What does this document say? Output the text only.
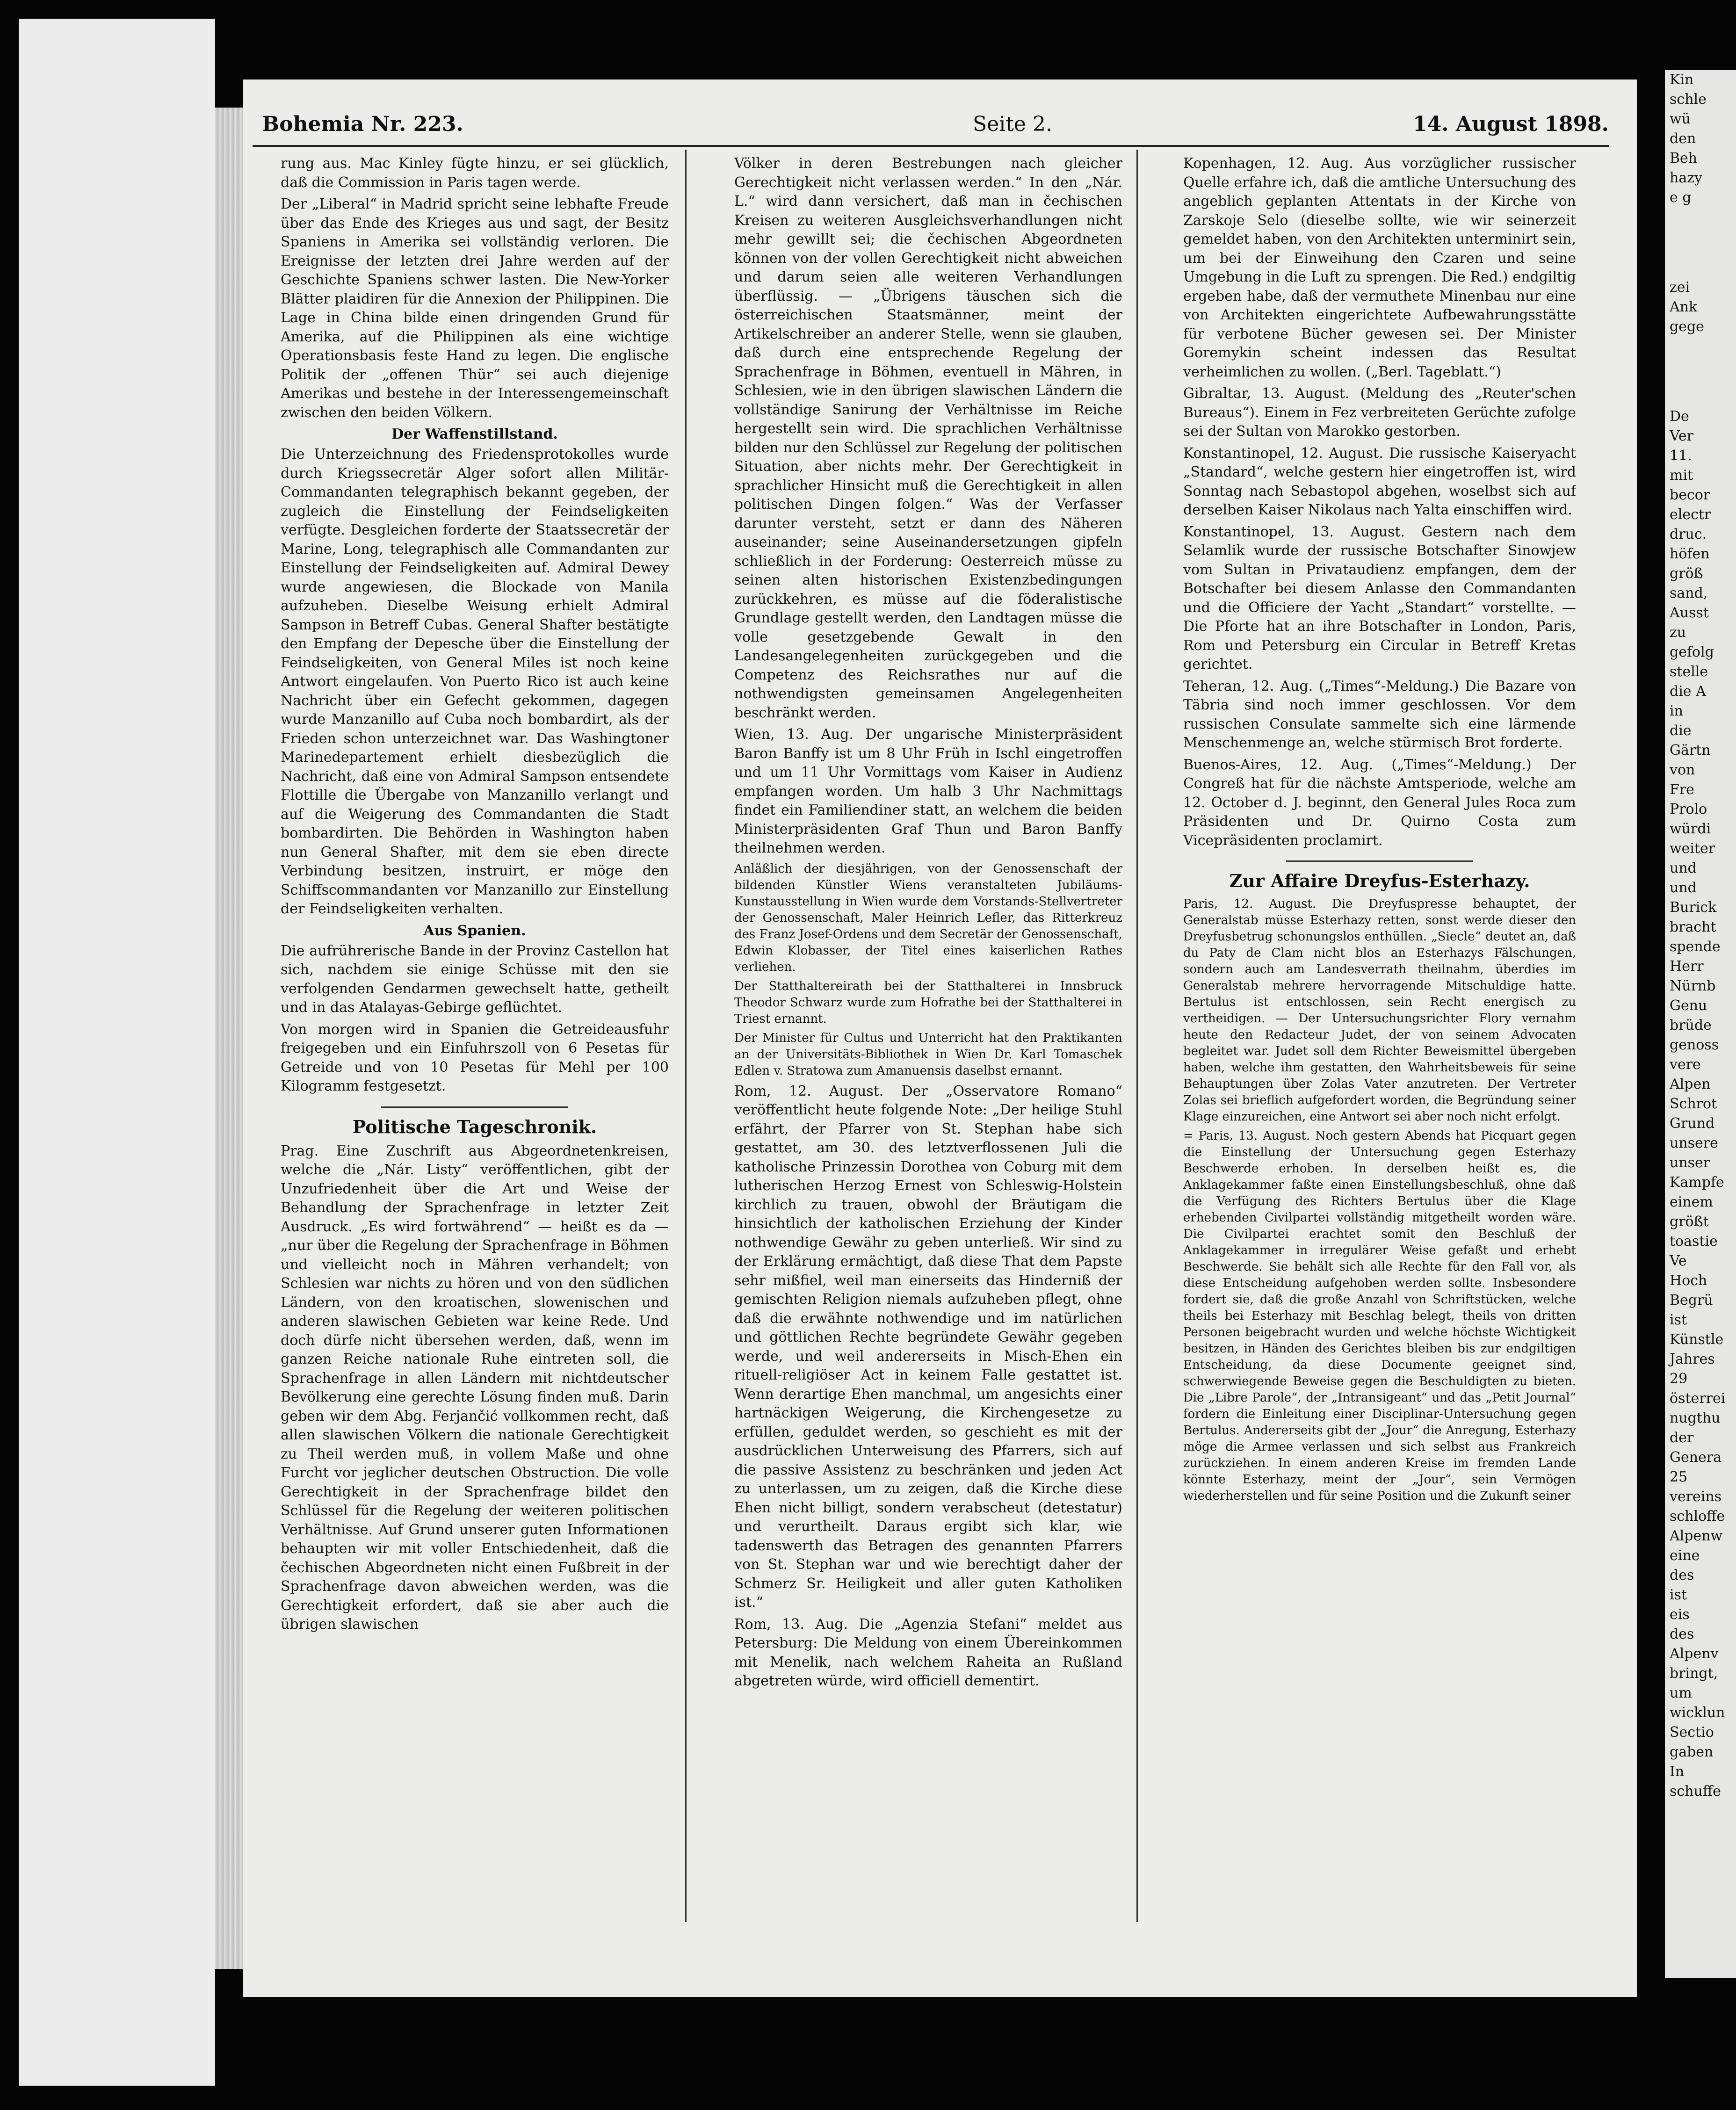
Bohemia Nr. 223.	Seite 2.	14. August 1898.

rung aus. Mac Kinley fügte hinzu, er sei glücklich, daß die Commission in Paris tagen werde.

Der „Liberal“ in Madrid spricht seine lebhafte Freude über das Ende des Krieges aus und sagt, der Besitz Spaniens in Amerika sei vollständig verloren. Die Ereignisse der letzten drei Jahre werden auf der Geschichte Spaniens schwer lasten. Die New-Yorker Blätter plaidiren für die Annexion der Philippinen. Die Lage in China bilde einen dringenden Grund für Amerika, auf die Philippinen als eine wichtige Operationsbasis feste Hand zu legen. Die englische Politik der „offenen Thür“ sei auch diejenige Amerikas und bestehe in der Interessengemeinschaft zwischen den beiden Völkern.

Der Waffenstillstand.

Die Unterzeichnung des Friedensprotokolles wurde durch Kriegssecretär Alger sofort allen Militär-Commandanten telegraphisch bekannt gegeben, der zugleich die Einstellung der Feindseligkeiten verfügte. Desgleichen forderte der Staatssecretär der Marine, Long, telegraphisch alle Commandanten zur Einstellung der Feindseligkeiten auf. Admiral Dewey wurde angewiesen, die Blockade von Manila aufzuheben. Dieselbe Weisung erhielt Admiral Sampson in Betreff Cubas. General Shafter bestätigte den Empfang der Depesche über die Einstellung der Feindseligkeiten, von General Miles ist noch keine Antwort eingelaufen. Von Puerto Rico ist auch keine Nachricht über ein Gefecht gekommen, dagegen wurde Manzanillo auf Cuba noch bombardirt, als der Frieden schon unterzeichnet war. Das Washingtoner Marinedepartement erhielt diesbezüglich die Nachricht, daß eine von Admiral Sampson entsendete Flottille die Übergabe von Manzanillo verlangt und auf die Weigerung des Commandanten die Stadt bombardirten. Die Behörden in Washington haben nun General Shafter, mit dem sie eben directe Verbindung besitzen, instruirt, er möge den Schiffscommandanten vor Manzanillo zur Einstellung der Feindseligkeiten verhalten.

Aus Spanien.

Die aufrührerische Bande in der Provinz Castellon hat sich, nachdem sie einige Schüsse mit den sie verfolgenden Gendarmen gewechselt hatte, getheilt und in das Atalayas-Gebirge geflüchtet.

Von morgen wird in Spanien die Getreideausfuhr freigegeben und ein Einfuhrszoll von 6 Pesetas für Getreide und von 10 Pesetas für Mehl per 100 Kilogramm festgesetzt.

Politische Tageschronik.

Prag. Eine Zuschrift aus Abgeordnetenkreisen, welche die „Nár. Listy“ veröffentlichen, gibt der Unzufriedenheit über die Art und Weise der Behandlung der Sprachenfrage in letzter Zeit Ausdruck. „Es wird fortwährend“ — heißt es da — „nur über die Regelung der Sprachenfrage in Böhmen und vielleicht noch in Mähren verhandelt; von Schlesien war nichts zu hören und von den südlichen Ländern, von den kroatischen, slowenischen und anderen slawischen Gebieten war keine Rede. Und doch dürfe nicht übersehen werden, daß, wenn im ganzen Reiche nationale Ruhe eintreten soll, die Sprachenfrage in allen Ländern mit nichtdeutscher Bevölkerung eine gerechte Lösung finden muß. Darin geben wir dem Abg. Ferjančić vollkommen recht, daß allen slawischen Völkern die nationale Gerechtigkeit zu Theil werden muß, in vollem Maße und ohne Furcht vor jeglicher deutschen Obstruction. Die volle Gerechtigkeit in der Sprachenfrage bildet den Schlüssel für die Regelung der weiteren politischen Verhältnisse. Auf Grund unserer guten Informationen behaupten wir mit voller Entschiedenheit, daß die čechischen Abgeordneten nicht einen Fußbreit in der Sprachenfrage davon abweichen werden, was die Gerechtigkeit erfordert, daß sie aber auch die übrigen slawischen

Völker in deren Bestrebungen nach gleicher Gerechtigkeit nicht verlassen werden.“ In den „Nár. L.“ wird dann versichert, daß man in čechischen Kreisen zu weiteren Ausgleichsverhandlungen nicht mehr gewillt sei; die čechischen Abgeordneten können von der vollen Gerechtigkeit nicht abweichen und darum seien alle weiteren Verhandlungen überflüssig. — „Übrigens täuschen sich die österreichischen Staatsmänner, meint der Artikelschreiber an anderer Stelle, wenn sie glauben, daß durch eine entsprechende Regelung der Sprachenfrage in Böhmen, eventuell in Mähren, in Schlesien, wie in den übrigen slawischen Ländern die vollständige Sanirung der Verhältnisse im Reiche hergestellt sein wird. Die sprachlichen Verhältnisse bilden nur den Schlüssel zur Regelung der politischen Situation, aber nichts mehr. Der Gerechtigkeit in sprachlicher Hinsicht muß die Gerechtigkeit in allen politischen Dingen folgen.“ Was der Verfasser darunter versteht, setzt er dann des Näheren auseinander; seine Auseinandersetzungen gipfeln schließlich in der Forderung: Oesterreich müsse zu seinen alten historischen Existenzbedingungen zurückkehren, es müsse auf die föderalistische Grundlage gestellt werden, den Landtagen müsse die volle gesetzgebende Gewalt in den Landesangelegenheiten zurückgegeben und die Competenz des Reichsrathes nur auf die nothwendigsten gemeinsamen Angelegenheiten beschränkt werden.

Wien, 13. Aug. Der ungarische Ministerpräsident Baron Banffy ist um 8 Uhr Früh in Ischl eingetroffen und um 11 Uhr Vormittags vom Kaiser in Audienz empfangen worden. Um halb 3 Uhr Nachmittags findet ein Familiendiner statt, an welchem die beiden Ministerpräsidenten Graf Thun und Baron Banffy theilnehmen werden.

Anläßlich der diesjährigen, von der Genossenschaft der bildenden Künstler Wiens veranstalteten Jubiläums-Kunstausstellung in Wien wurde dem Vorstands-Stellvertreter der Genossenschaft, Maler Heinrich Lefler, das Ritterkreuz des Franz Josef-Ordens und dem Secretär der Genossenschaft, Edwin Klobasser, der Titel eines kaiserlichen Rathes verliehen.

Der Statthaltereirath bei der Statthalterei in Innsbruck Theodor Schwarz wurde zum Hofrathe bei der Statthalterei in Triest ernannt.

Der Minister für Cultus und Unterricht hat den Praktikanten an der Universitäts-Bibliothek in Wien Dr. Karl Tomaschek Edlen v. Stratowa zum Amanuensis daselbst ernannt.

Rom, 12. August. Der „Osservatore Romano“ veröffentlicht heute folgende Note: „Der heilige Stuhl erfährt, der Pfarrer von St. Stephan habe sich gestattet, am 30. des letztverflossenen Juli die katholische Prinzessin Dorothea von Coburg mit dem lutherischen Herzog Ernest von Schleswig-Holstein kirchlich zu trauen, obwohl der Bräutigam die hinsichtlich der katholischen Erziehung der Kinder nothwendige Gewähr zu geben unterließ. Wir sind zu der Erklärung ermächtigt, daß diese That dem Papste sehr mißfiel, weil man einerseits das Hinderniß der gemischten Religion niemals aufzuheben pflegt, ohne daß die erwähnte nothwendige und im natürlichen und göttlichen Rechte begründete Gewähr gegeben werde, und weil andererseits in Misch-Ehen ein rituell-religiöser Act in keinem Falle gestattet ist. Wenn derartige Ehen manchmal, um angesichts einer hartnäckigen Weigerung, die Kirchengesetze zu erfüllen, geduldet werden, so geschieht es mit der ausdrücklichen Unterweisung des Pfarrers, sich auf die passive Assistenz zu beschränken und jeden Act zu unterlassen, um zu zeigen, daß die Kirche diese Ehen nicht billigt, sondern verabscheut (detestatur) und verurtheilt. Daraus ergibt sich klar, wie tadenswerth das Betragen des genannten Pfarrers von St. Stephan war und wie berechtigt daher der Schmerz Sr. Heiligkeit und aller guten Katholiken ist.“

Rom, 13. Aug. Die „Agenzia Stefani“ meldet aus Petersburg: Die Meldung von einem Übereinkommen mit Menelik, nach welchem Raheita an Rußland abgetreten würde, wird officiell dementirt.

Kopenhagen, 12. Aug. Aus vorzüglicher russischer Quelle erfahre ich, daß die amtliche Untersuchung des angeblich geplanten Attentats in der Kirche von Zarskoje Selo (dieselbe sollte, wie wir seinerzeit gemeldet haben, von den Architekten unterminirt sein, um bei der Einweihung den Czaren und seine Umgebung in die Luft zu sprengen. Die Red.) endgiltig ergeben habe, daß der vermuthete Minenbau nur eine von Architekten eingerichtete Aufbewahrungsstätte für verbotene Bücher gewesen sei. Der Minister Goremykin scheint indessen das Resultat verheimlichen zu wollen. („Berl. Tageblatt.“)

Gibraltar, 13. August. (Meldung des „Reuter'schen Bureaus“). Einem in Fez verbreiteten Gerüchte zufolge sei der Sultan von Marokko gestorben.

Konstantinopel, 12. August. Die russische Kaiseryacht „Standard“, welche gestern hier eingetroffen ist, wird Sonntag nach Sebastopol abgehen, woselbst sich auf derselben Kaiser Nikolaus nach Yalta einschiffen wird.

Konstantinopel, 13. August. Gestern nach dem Selamlik wurde der russische Botschafter Sinowjew vom Sultan in Privataudienz empfangen, dem der Botschafter bei diesem Anlasse den Commandanten und die Officiere der Yacht „Standart“ vorstellte. — Die Pforte hat an ihre Botschafter in London, Paris, Rom und Petersburg ein Circular in Betreff Kretas gerichtet.

Teheran, 12. Aug. („Times“-Meldung.) Die Bazare von Täbria sind noch immer geschlossen. Vor dem russischen Consulate sammelte sich eine lärmende Menschenmenge an, welche stürmisch Brot forderte.

Buenos-Aires, 12. Aug. („Times“-Meldung.) Der Congreß hat für die nächste Amtsperiode, welche am 12. October d. J. beginnt, den General Jules Roca zum Präsidenten und Dr. Quirno Costa zum Vicepräsidenten proclamirt.

Zur Affaire Dreyfus-Esterhazy.

Paris, 12. August. Die Dreyfuspresse behauptet, der Generalstab müsse Esterhazy retten, sonst werde dieser den Dreyfusbetrug schonungslos enthüllen. „Siecle“ deutet an, daß du Paty de Clam nicht blos an Esterhazys Fälschungen, sondern auch am Landesverrath theilnahm, überdies im Generalstab mehrere hervorragende Mitschuldige hatte. Bertulus ist entschlossen, sein Recht energisch zu vertheidigen. — Der Untersuchungsrichter Flory vernahm heute den Redacteur Judet, der von seinem Advocaten begleitet war. Judet soll dem Richter Beweismittel übergeben haben, welche ihm gestatten, den Wahrheitsbeweis für seine Behauptungen über Zolas Vater anzutreten. Der Vertreter Zolas sei brieflich aufgefordert worden, die Begründung seiner Klage einzureichen, eine Antwort sei aber noch nicht erfolgt.

= Paris, 13. August. Noch gestern Abends hat Picquart gegen die Einstellung der Untersuchung gegen Esterhazy Beschwerde erhoben. In derselben heißt es, die Anklagekammer faßte einen Einstellungsbeschluß, ohne daß die Verfügung des Richters Bertulus über die Klage erhebenden Civilpartei vollständig mitgetheilt worden wäre. Die Civilpartei erachtet somit den Beschluß der Anklagekammer in irregulärer Weise gefaßt und erhebt Beschwerde. Sie behält sich alle Rechte für den Fall vor, als diese Entscheidung aufgehoben werden sollte. Insbesondere fordert sie, daß die große Anzahl von Schriftstücken, welche theils bei Esterhazy mit Beschlag belegt, theils von dritten Personen beigebracht wurden und welche höchste Wichtigkeit besitzen, in Händen des Gerichtes bleiben bis zur endgiltigen Entscheidung, da diese Documente geeignet sind, schwerwiegende Beweise gegen die Beschuldigten zu bieten. Die „Libre Parole“, der „Intransigeant“ und das „Petit Journal“ fordern die Einleitung einer Disciplinar-Untersuchung gegen Bertulus. Andererseits gibt der „Jour“ die Anregung, Esterhazy möge die Armee verlassen und sich selbst aus Frankreich zurückziehen. In einem anderen Kreise im fremden Lande könnte Esterhazy, meint der „Jour“, sein Vermögen wiederherstellen und für seine Position und die Zukunft seiner

Kin
schle
wü
den
Beh
hazy
e g
zei
Ank
gege
De
Ver
11.
mit
becor
electr
druc.
höfen
größ
sand,
Ausst
zu
gefolg
stelle
die A
in
die
Gärtn
von
Fre
Prolo
würdi
weiter
und
und
Burick
bracht
spende
Herr
Nürnb
Genu
brüde
genoss
vere
Alpen
Schrot
Grund
unsere
unser
Kampfe
einem
größt
toastie
Ve
Hoch
Begrü
ist
Künstle
Jahres
29
österrei
nugthu
der
Genera
25
vereins
schloffe
Alpenw
eine
des
ist
eis
des
Alpenv
bringt,
um
wicklun
Sectio
gaben
In
schuffe
